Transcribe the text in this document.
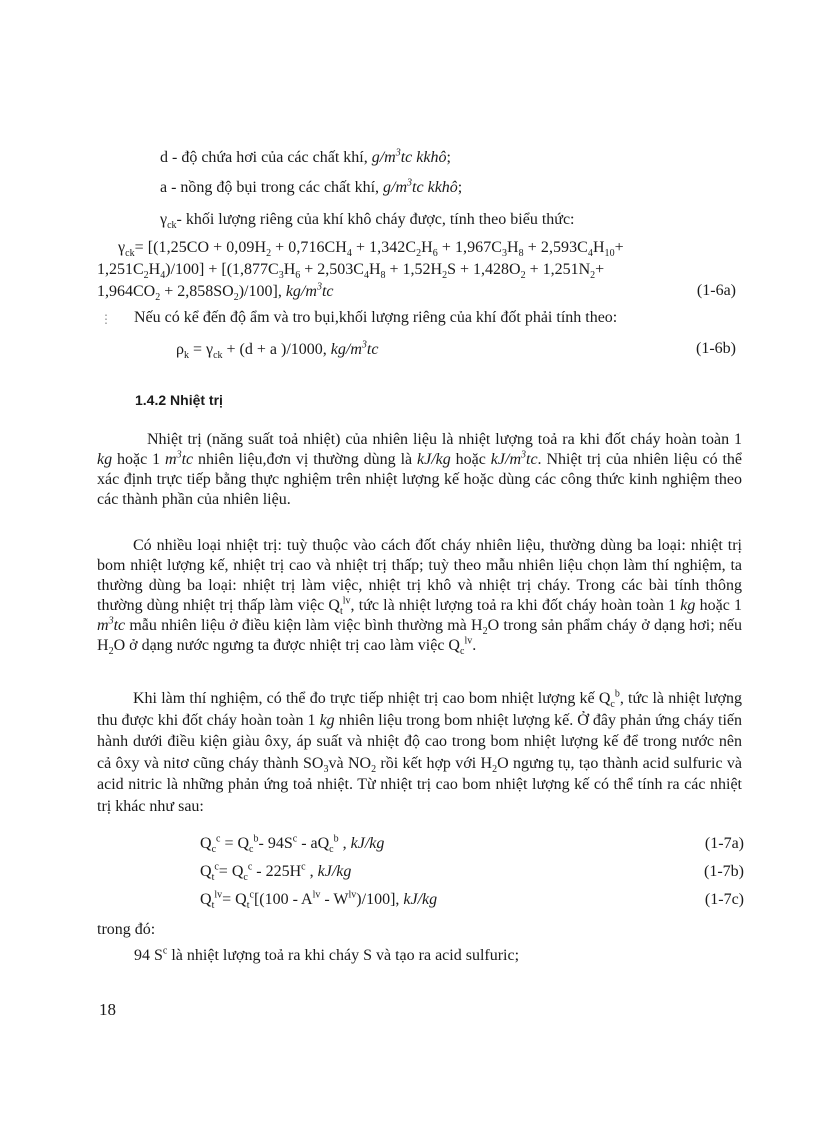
d - độ chứa hơi của các chất khí, $g/m^3tc$ kkhô;
a - nồng độ bụi trong các chất khí, $g/m^3tc$ kkhô;
$\gamma_{ck}-$ khối lượng riêng của khí khô cháy được, tính theo biểu thức:
$\gamma_{ck}= [(1,25CO + 0,09H_2 + 0,716CH_4 + 1,342C_2H_6 + 1,967C_3H_8 + 2,593C_4H_{10}+$
$1,251C_2H_4)/100] + [(1,877C_3H_6 + 2,503C_4H_8 + 1,52H_2S + 1,428O_2 + 1,251N_2+$
$1,964CO_2 + 2,858SO_2)/100$], $kg/m^3tc$	(1-6a)
⋮ Nếu có kể đến độ ẩm và tro bụi,khối lượng riêng của khí đốt phải tính theo:
$\rho_k = \gamma_{ck} + (d + a$ )/1000, $kg/m^3tc$	(1-6b)
1.4.2 Nhiệt trị
Nhiệt trị (năng suất toả nhiệt) của nhiên liệu là nhiệt lượng toả ra khi đốt cháy hoàn toàn 1 kg hoặc 1 $m^3tc$ nhiên liệu,đơn vị thường dùng là kJ/kg hoặc $kJ/m^3tc$. Nhiệt trị của nhiên liệu có thể xác định trực tiếp bằng thực nghiệm trên nhiệt lượng kế hoặc dùng các công thức kinh nghiệm theo các thành phần của nhiên liệu.
Có nhiều loại nhiệt trị: tuỳ thuộc vào cách đốt cháy nhiên liệu, thường dùng ba loại: nhiệt trị bom nhiệt lượng kế, nhiệt trị cao và nhiệt trị thấp; tuỳ theo mẫu nhiên liệu chọn làm thí nghiệm, ta thường dùng ba loại: nhiệt trị làm việc, nhiệt trị khô và nhiệt trị cháy. Trong các bài tính thông thường dùng nhiệt trị thấp làm việc $Q_t^{lv}$, tức là nhiệt lượng toả ra khi đốt cháy hoàn toàn 1 kg hoặc 1 $m^3tc$ mẫu nhiên liệu ở điều kiện làm việc bình thường mà $H_2O$ trong sản phẩm cháy ở dạng hơi; nếu $H_2O$ ở dạng nước ngưng ta được nhiệt trị cao làm việc $Q_c^{lv}$.
Khi làm thí nghiệm, có thể đo trực tiếp nhiệt trị cao bom nhiệt lượng kế $Q_c^b$, tức là nhiệt lượng thu được khi đốt cháy hoàn toàn 1 kg nhiên liệu trong bom nhiệt lượng kế. Ở đây phản ứng cháy tiến hành dưới điều kiện giàu ôxy, áp suất và nhiệt độ cao trong bom nhiệt lượng kế để trong nước nên cả ôxy và nitơ cũng cháy thành $SO_3và$ $NO_2$ rồi kết hợp với $H_2O$ ngưng tụ, tạo thành acid sulfuric và acid nitric là những phản ứng toả nhiệt. Từ nhiệt trị cao bom nhiệt lượng kế có thể tính ra các nhiệt trị khác như sau:
$Q_c^c = Q_c^b-$ $94S^c - aQ_c^b$ , kJ/kg	(1-7a)
$Q_t^c= Q_c^c - 225H^c$ , kJ/kg	(1-7b)
$Q_t^{lv}= Q_t^c[(100 - A^{lv} - W^{lv})/100]$, kJ/kg	(1-7c)
trong đó:
94 $S^c$ là nhiệt lượng toả ra khi cháy S và tạo ra acid sulfuric;
18
